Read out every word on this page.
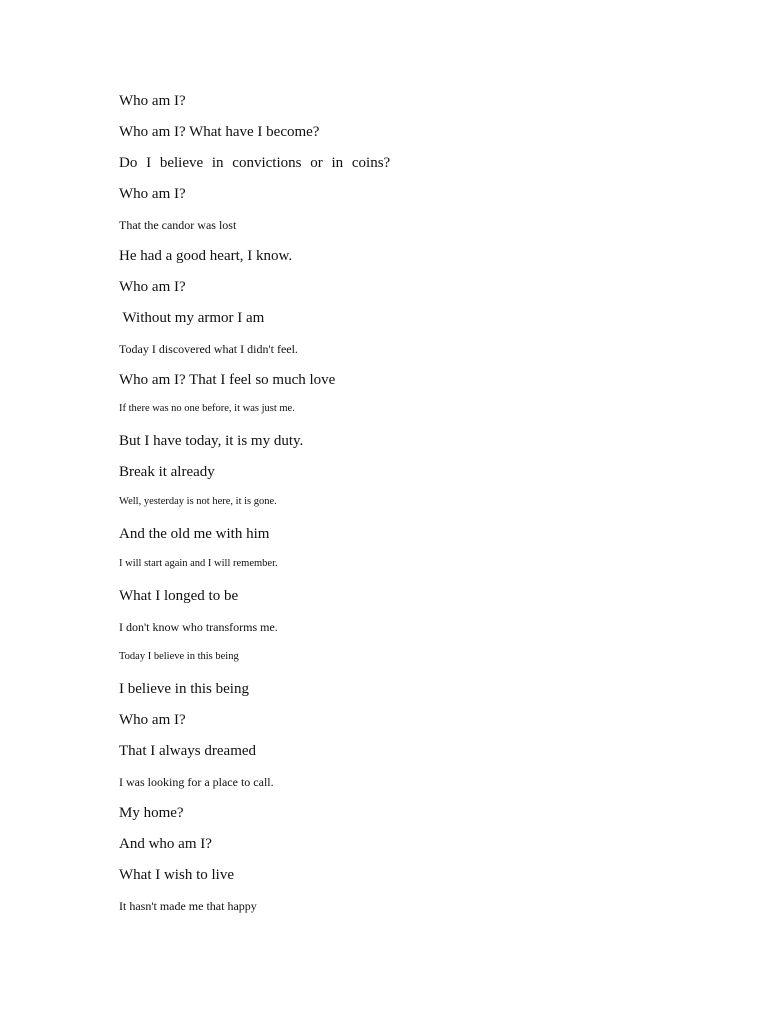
Who am I?
Who am I? What have I become?
Do I believe in convictions or in coins?
Who am I?
That the candor was lost
He had a good heart, I know.
Who am I?
Without my armor I am
Today I discovered what I didn't feel.
Who am I? That I feel so much love
If there was no one before, it was just me.
But I have today, it is my duty.
Break it already
Well, yesterday is not here, it is gone.
And the old me with him
I will start again and I will remember.
What I longed to be
I don't know who transforms me.
Today I believe in this being
I believe in this being
Who am I?
That I always dreamed
I was looking for a place to call.
My home?
And who am I?
What I wish to live
It hasn't made me that happy
